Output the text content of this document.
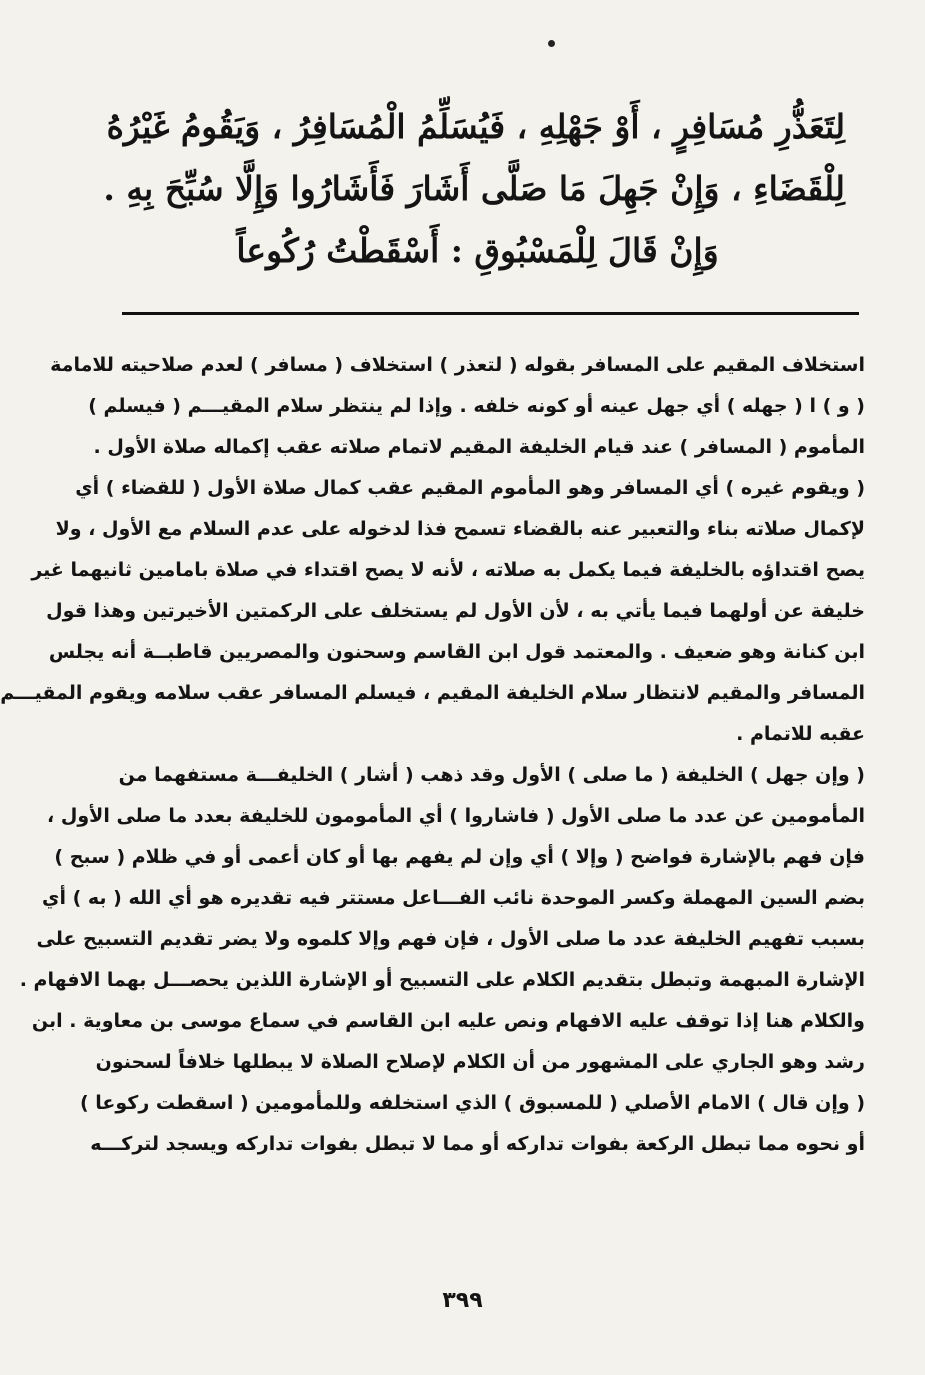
لِتَعَذُّرِ مُسَافِرٍ ، أَوْ جَهْلِهِ ، فَيُسَلِّمُ الْمُسَافِرُ ، وَيَقُومُ غَيْرُهُ
لِلْقَضَاءِ ، وَإِنْ جَهِلَ مَا صَلَّى أَشَارَ فَأَشَارُوا وَإِلَّا سُبِّحَ بِهِ .
وَإِنْ قَالَ لِلْمَسْبُوقِ : أَسْقَطْتُ رُكُوعاً
استخلاف المقيم على المسافر بقوله ( لتعذر ) استخلاف ( مسافر ) لعدم صلاحيته للامامة
( و ) ا ( جهله ) أي جهل عينه أو كونه خلفه . وإذا لم ينتظر سلام المقيـــم ( فيسلم )
المأموم ( المسافر ) عند قيام الخليفة المقيم لاتمام صلاته عقب إكماله صلاة الأول .
( ويقوم غيره ) أي المسافر وهو المأموم المقيم عقب كمال صلاة الأول ( للقضاء ) أي
لإكمال صلاته بناء والتعبير عنه بالقضاء تسمح فذا لدخوله على عدم السلام مع الأول ، ولا
يصح اقتداؤه بالخليفة فيما يكمل به صلاته ، لأنه لا يصح اقتداء في صلاة بامامين ثانيهما غير
خليفة عن أولهما فيما يأتي به ، لأن الأول لم يستخلف على الركمتين الأخيرتين وهذا قول
ابن كنانة وهو ضعيف . والمعتمد قول ابن القاسم وسحنون والمصريين قاطبــة أنه يجلس
المسافر والمقيم لانتظار سلام الخليفة المقيم ، فيسلم المسافر عقب سلامه ويقوم المقيـــم
عقبه للاتمام .
( وإن جهل ) الخليفة ( ما صلى ) الأول وقد ذهب ( أشار ) الخليفـــة مستفهما من
المأمومين عن عدد ما صلى الأول ( فاشاروا ) أي المأمومون للخليفة بعدد ما صلى الأول ،
فإن فهم بالإشارة فواضح ( وإلا ) أي وإن لم يفهم بها أو كان أعمى أو في ظلام ( سبح )
بضم السين المهملة وكسر الموحدة نائب الفـــاعل مستتر فيه تقديره هو أي الله ( به ) أي
بسبب تفهيم الخليفة عدد ما صلى الأول ، فإن فهم وإلا كلموه ولا يضر تقديم التسبيح على
الإشارة المبهمة وتبطل بتقديم الكلام على التسبيح أو الإشارة اللذين يحصـــل بهما الافهام .
والكلام هنا إذا توقف عليه الافهام ونص عليه ابن القاسم في سماع موسى بن معاوية . ابن
رشد وهو الجاري على المشهور من أن الكلام لإصلاح الصلاة لا يبطلها خلافاً لسحنون
( وإن قال ) الامام الأصلي ( للمسبوق ) الذي استخلفه وللمأمومين ( اسقطت ركوعا )
أو نحوه مما تبطل الركعة بفوات تداركه أو مما لا تبطل بفوات تداركه ويسجد لتركـــه
٣٩٩
